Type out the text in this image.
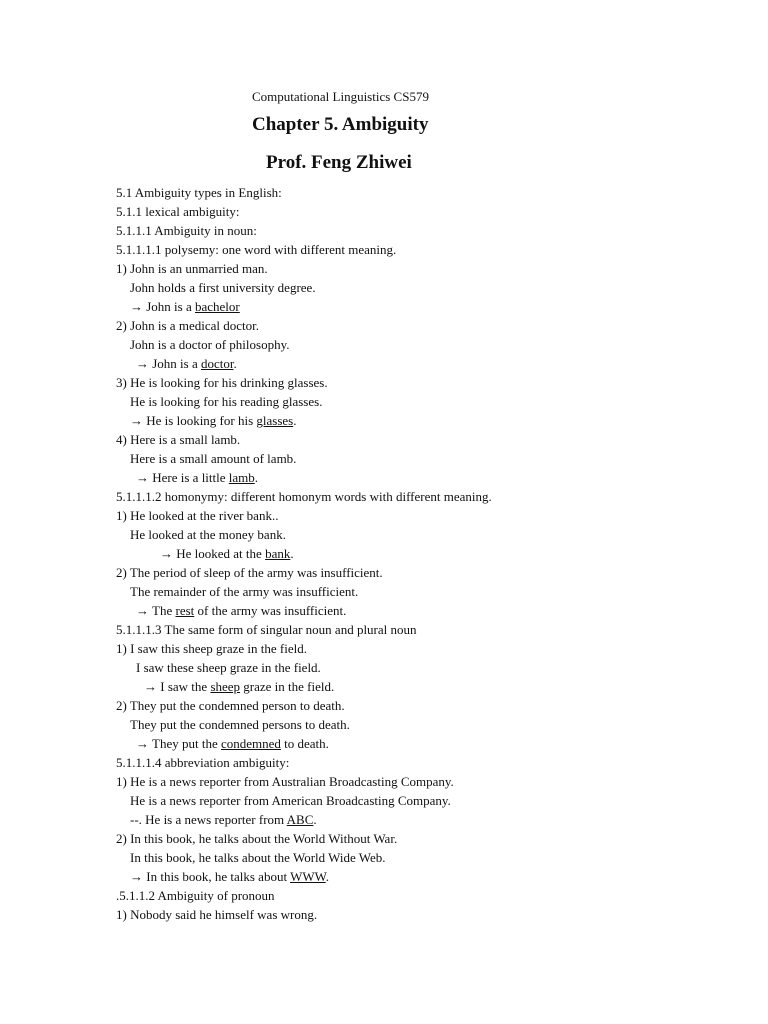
Computational Linguistics CS579
Chapter 5. Ambiguity
Prof. Feng Zhiwei
5.1 Ambiguity types in English:
5.1.1 lexical ambiguity:
5.1.1.1 Ambiguity in noun:
5.1.1.1.1 polysemy: one word with different meaning.
1) John is an unmarried man.
John holds a first university degree.
→ John is a bachelor
2) John is a medical doctor.
John is a doctor of philosophy.
→ John is a doctor.
3) He is looking for his drinking glasses.
He is looking for his reading glasses.
→ He is looking for his glasses.
4) Here is a small lamb.
Here is a small amount of lamb.
→ Here is a little lamb.
5.1.1.1.2 homonymy: different homonym words with different meaning.
1) He looked at the river bank..
He looked at the money bank.
→ He looked at the bank.
2) The period of sleep of the army was insufficient.
The remainder of the army was insufficient.
→ The rest of the army was insufficient.
5.1.1.1.3 The same form of singular noun and plural noun
1) I saw this sheep graze in the field.
I saw these sheep graze in the field.
→ I saw the sheep graze in the field.
2) They put the condemned person to death.
They put the condemned persons to death.
→ They put the condemned to death.
5.1.1.1.4 abbreviation ambiguity:
1) He is a news reporter from Australian Broadcasting Company.
He is a news reporter from American Broadcasting Company.
--. He is a news reporter from ABC.
2) In this book, he talks about the World Without War.
In this book, he talks about the World Wide Web.
→ In this book, he talks about WWW.
.5.1.1.2 Ambiguity of pronoun
1) Nobody said he himself was wrong.
